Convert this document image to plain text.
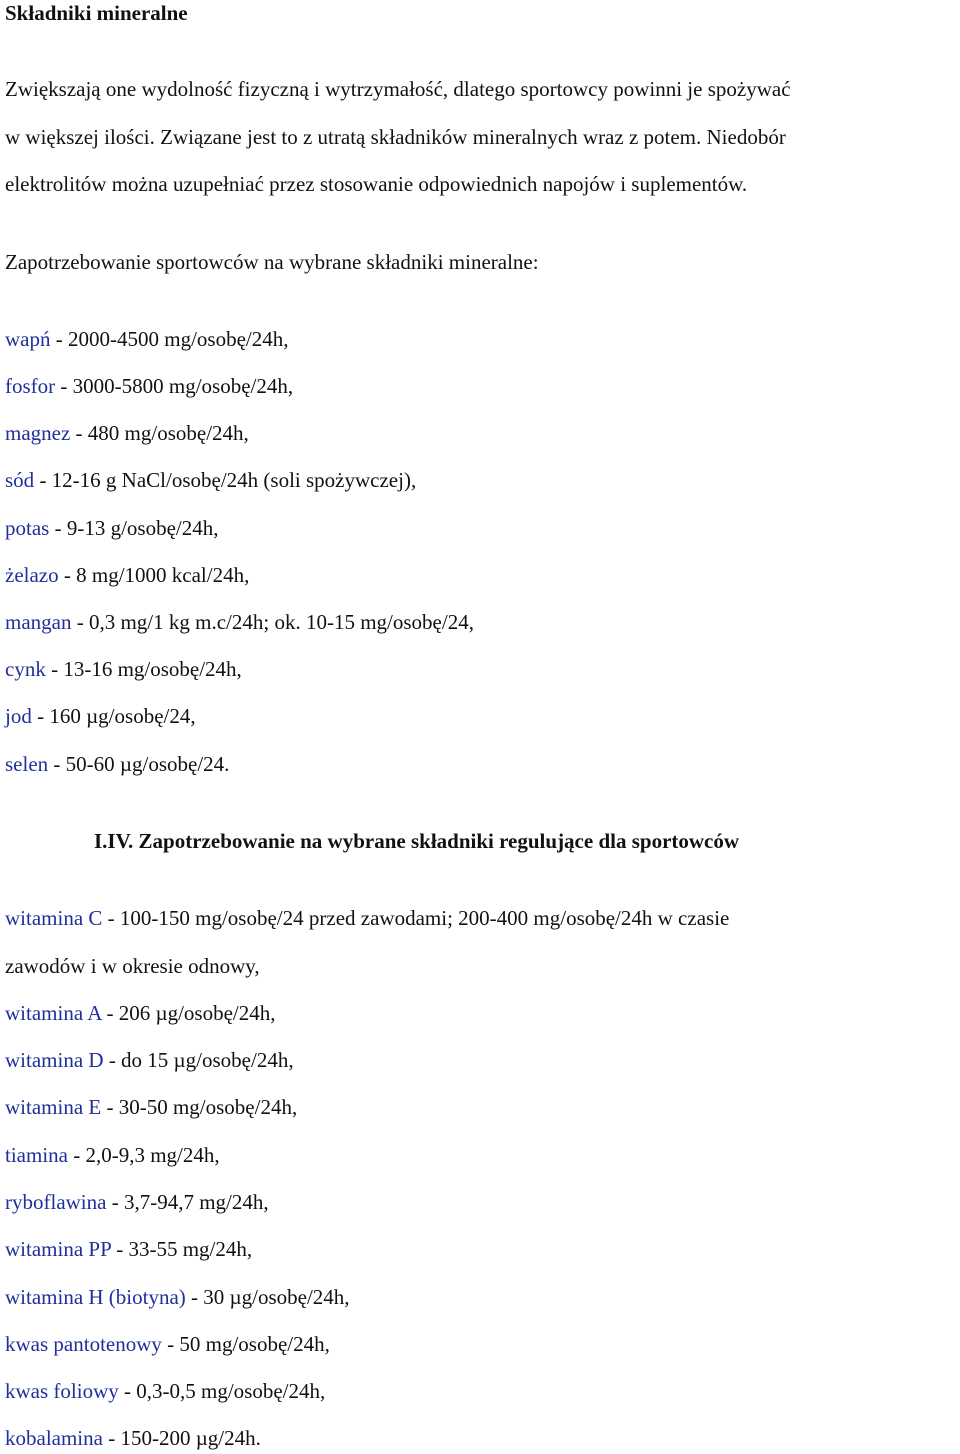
Składniki mineralne
Zwiększają one wydolność fizyczną i wytrzymałość, dlatego sportowcy powinni je spożywać
w większej ilości. Związane jest to z utratą składników mineralnych wraz z potem. Niedobór
elektrolitów można uzupełniać przez stosowanie odpowiednich napojów i suplementów.
Zapotrzebowanie sportowców na wybrane składniki mineralne:
wapń - 2000-4500 mg/osobę/24h,
fosfor - 3000-5800 mg/osobę/24h,
magnez - 480 mg/osobę/24h,
sód - 12-16 g NaCl/osobę/24h (soli spożywczej),
potas - 9-13 g/osobę/24h,
żelazo - 8 mg/1000 kcal/24h,
mangan - 0,3 mg/1 kg m.c/24h; ok. 10-15 mg/osobę/24,
cynk - 13-16 mg/osobę/24h,
jod - 160 µg/osobę/24,
selen - 50-60 µg/osobę/24.
I.IV. Zapotrzebowanie na wybrane składniki regulujące dla sportowców
witamina C - 100-150 mg/osobę/24 przed zawodami; 200-400 mg/osobę/24h w czasie
zawodów i w okresie odnowy,
witamina A - 206 µg/osobę/24h,
witamina D - do 15 µg/osobę/24h,
witamina E - 30-50 mg/osobę/24h,
tiamina - 2,0-9,3 mg/24h,
ryboflawina - 3,7-94,7 mg/24h,
witamina PP - 33-55 mg/24h,
witamina H (biotyna) - 30 µg/osobę/24h,
kwas pantotenowy - 50 mg/osobę/24h,
kwas foliowy - 0,3-0,5 mg/osobę/24h,
kobalamina - 150-200 µg/24h.
